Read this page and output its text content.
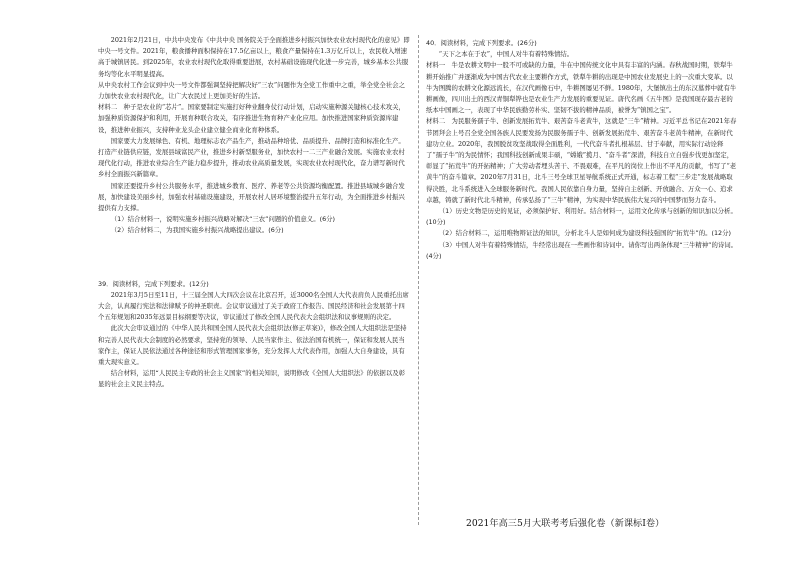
2021年2月21日，中共中央发布《中共中央 国务院关于全面推进乡村振兴加快农业农村现代化的意见》即中央一号文件。2021年，粮食播种面积保持在17.5亿亩以上，粮食产量保持在1.3万亿斤以上，农民收入增速高于城镇居民。到2025年，农业农村现代化取得重要进展，农村基础设施现代化进一步完善，城乡基本公共服务均等化水平明显提高。

从中央农村工作会议到中央一号文件都强调坚持把解决好“三农”问题作为全党工作重中之重，举全党全社会之力加快农业农村现代化，让广大农民过上更加美好的生活。

材料二　种子是农业的“芯片”。国家要制定实施打好种业翻身仗行动计划，启动实施种源关键核心技术攻关，加强种质资源保护和利用，开展育种联合攻关，有序推进生物育种产业化应用。加快推进国家种质资源库建设，推进种业振兴，支持种业龙头企业建立健全商业化育种体系。

国家要大力发展绿色、有机、地理标志农产品生产，推动品种培优、品质提升、品牌打造和标准化生产。打造产业链供应链，发展县域富民产业，推进乡村新型服务业，加快农村一二三产业融合发展。实施农业农村现代化行动，推进农业综合生产能力稳步提升，推动农业高质量发展，实现农业农村现代化，奋力谱写新时代乡村全面振兴新篇章。

国家还要提升乡村公共服务水平，推进城乡教育、医疗、养老等公共资源均衡配置。推进县域城乡融合发展，加快建设美丽乡村，加强农村基础设施建设，开展农村人居环境整治提升五年行动，为全面推进乡村振兴提供有力支撑。

（1）结合材料一，说明实施乡村振兴战略对解决“三农”问题的价值意义。(6分)

（2）结合材料二，为我国实施乡村振兴战略提出建议。(6分)

39．阅读材料，完成下列要求。(12分)

2021年3月5日至11日，十三届全国人大四次会议在北京召开，近3000名全国人大代表肩负人民重托出席大会，认真履行宪法和法律赋予的神圣职责。会议审议通过了关于政府工作报告、国民经济和社会发展第十四个五年规划和2035年远景目标纲要等决议，审议通过了修改全国人民代表大会组织法和议事规则的决定。

此次大会审议通过的《中华人民共和国全国人民代表大会组织法(修正草案)》，修改全国人大组织法是坚持和完善人民代表大会制度的必然要求，坚持党的领导、人民当家作主、依法治国有机统一，保证和发展人民当家作主，保证人民依法通过各种途径和形式管理国家事务，充分发挥人大代表作用，加强人大自身建设，具有重大现实意义。

结合材料，运用“人民民主专政的社会主义国家”的相关知识，说明修改《全国人大组织法》的依据以及彰显的社会主义民主特点。

40．阅读材料，完成下列要求。(26分)

“天下之本在于农”，中国人对牛有着特殊情结。

材料一　牛是农耕文明中一股不可或缺的力量，牛在中国传统文化中具有丰富的内涵。春秋战国时期，铁犁牛耕开始推广并逐渐成为中国古代农业主要耕作方式，铁犁牛耕的出现是中国农业发展史上的一次重大变革。以牛为图腾的农耕文化源远流长，在汉代画像石中，牛耕图屡见不鲜。1980年，大堡镇出土的东汉墓葬中就有牛耕画像，四川出土的西汉青铜犁铧也是农业生产力发展的重要见证。唐代名画《五牛图》是我国现存最古老的纸本中国画之一，表现了中华民族勤劳朴实、坚韧不拔的精神品质，被誉为“镇国之宝”。

材料二　为民服务孺子牛、创新发展拓荒牛、艰苦奋斗老黄牛，这就是“三牛”精神。习近平总书记在2021年春节团拜会上号召全党全国各族人民要发扬为民服务孺子牛、创新发展拓荒牛、艰苦奋斗老黄牛精神，在新时代建功立业。2020年，我国脱贫攻坚战取得全面胜利，一代代奋斗者扎根基层、甘于奉献，用实际行动诠释了“孺子牛”的为民情怀；我国科技创新成果丰硕，“嫦娥”揽月、“奋斗者”深潜，科技自立自强步伐更加坚定，彰显了“拓荒牛”的开拓精神；广大劳动者埋头苦干、不畏艰难，在平凡的岗位上作出不平凡的贡献，书写了“老黄牛”的奋斗篇章。2020年7月31日，北斗三号全球卫星导航系统正式开通，标志着工程“三步走”发展战略取得决胜，北斗系统进入全球服务新时代。我国人民依靠自身力量，坚持自主创新、开放融合、万众一心、追求卓越，铸就了新时代北斗精神，传承弘扬了“三牛”精神，为实现中华民族伟大复兴的中国梦而努力奋斗。

（1）历史文物是历史的见证，必须保护好、利用好。结合材料一，运用文化传承与创新的知识加以分析。(10分)

（2）结合材料二，运用唯物辩证法的知识，分析北斗人是如何成为建设科技强国的“拓荒牛”的。(12分)

（3）中国人对牛有着特殊情结，牛经常出现在一些画作和诗词中。请你写出两条体现“三牛精神”的诗词。(4分)

2021年高三5月大联考考后强化卷（新课标Ⅰ卷）
